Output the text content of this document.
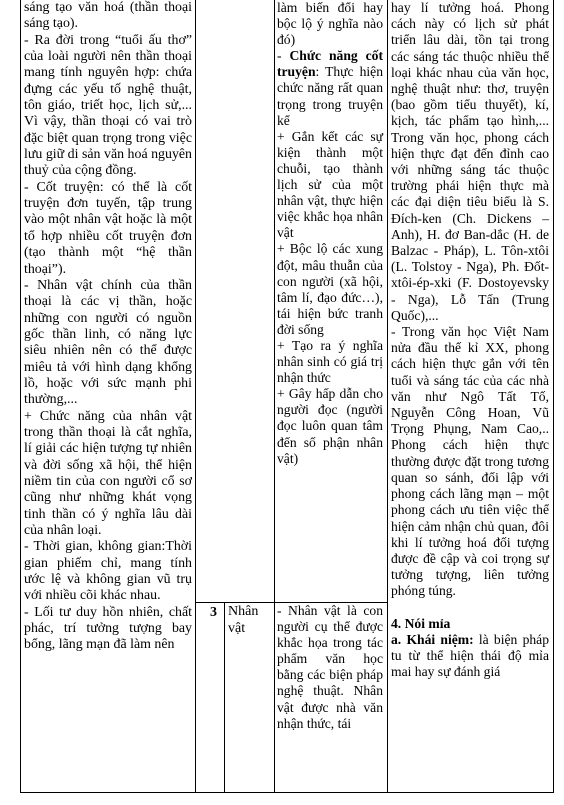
sáng tạo văn hoá (thần thoại sáng tạo).

- Ra đời trong “tuổi ấu thơ” của loài người nên thần thoại mang tính nguyên hợp: chứa đựng các yếu tố nghệ thuật, tôn giáo, triết học, lịch sử,... Vì vậy, thần thoại có vai trò đặc biệt quan trọng trong việc lưu giữ di sản văn hoá nguyên thuỷ của cộng đồng.

- Cốt truyện: có thể là cốt truyện đơn tuyến, tập trung vào một nhân vật hoặc là một tổ hợp nhiều cốt truyện đơn (tạo thành một “hệ thần thoại”).

- Nhân vật chính của thần thoại là các vị thần, hoặc những con người có nguồn gốc thần linh, có năng lực siêu nhiên nên có thể được miêu tả với hình dạng khổng lồ, hoặc với sức mạnh phi thường,...

+ Chức năng của nhân vật trong thần thoại là cắt nghĩa, lí giải các hiện tượng tự nhiên và đời sống xã hội, thể hiện niềm tin của con người cổ sơ cũng như những khát vọng tinh thần có ý nghĩa lâu dài của nhân loại.

- Thời gian, không gian:Thời gian phiếm chỉ, mang tính ước lệ và không gian vũ trụ với nhiều cõi khác nhau.

- Lối tư duy hồn nhiên, chất phác, trí tưởng tượng bay bổng, lãng mạn đã làm nên

làm biến đổi hay bộc lộ ý nghĩa nào đó)

- Chức năng cốt truyện: Thực hiện chức năng rất quan trọng trong truyện kể

+ Gắn kết các sự kiện thành một chuỗi, tạo thành lịch sử của một nhân vật, thực hiện việc khắc họa nhân vật

+ Bộc lộ các xung đột, mâu thuẫn của con người (xã hội, tâm lí, đạo đức…), tái hiện bức tranh đời sống

+ Tạo ra ý nghĩa nhân sinh có giá trị nhận thức

+ Gây hấp dẫn cho người đọc (người đọc luôn quan tâm đến số phận nhân vật)

3 Nhân vật

- Nhân vật là con người cụ thể được khắc họa trong tác phẩm văn học bằng các biện pháp nghệ thuật. Nhân vật được nhà văn nhận thức, tái

hay lí tưởng hoá. Phong cách này có lịch sử phát triển lâu dài, tồn tại trong các sáng tác thuộc nhiều thể loại khác nhau của văn học, nghệ thuật như: thơ, truyện (bao gồm tiểu thuyết), kí, kịch, tác phẩm tạo hình,... Trong văn học, phong cách hiện thực đạt đến đỉnh cao với những sáng tác thuộc trường phái hiện thực mà các đại diện tiêu biểu là S. Đích-ken (Ch. Dickens – Anh), H. đơ Ban-dắc (H. de Balzac - Pháp), L. Tôn-xtôi (L. Tolstoy - Nga), Ph. Đốt-xtôi-ép-xki (F. Dostoyevsky - Nga), Lỗ Tấn (Trung Quốc),...

- Trong văn học Việt Nam nửa đầu thế kỉ XX, phong cách hiện thực gắn với tên tuổi và sáng tác của các nhà văn như Ngô Tất Tố, Nguyễn Công Hoan, Vũ Trọng Phụng, Nam Cao,.. Phong cách hiện thực thường được đặt trong tương quan so sánh, đối lập với phong cách lãng mạn – một phong cách ưu tiên việc thể hiện cảm nhận chủ quan, đôi khi lí tưởng hoá đối tượng được đề cập và coi trọng sự tưởng tượng, liên tưởng phóng túng.

4. Nói mỉa

a. Khái niệm: là biện pháp tu từ thể hiện thái độ mỉa mai hay sự đánh giá
